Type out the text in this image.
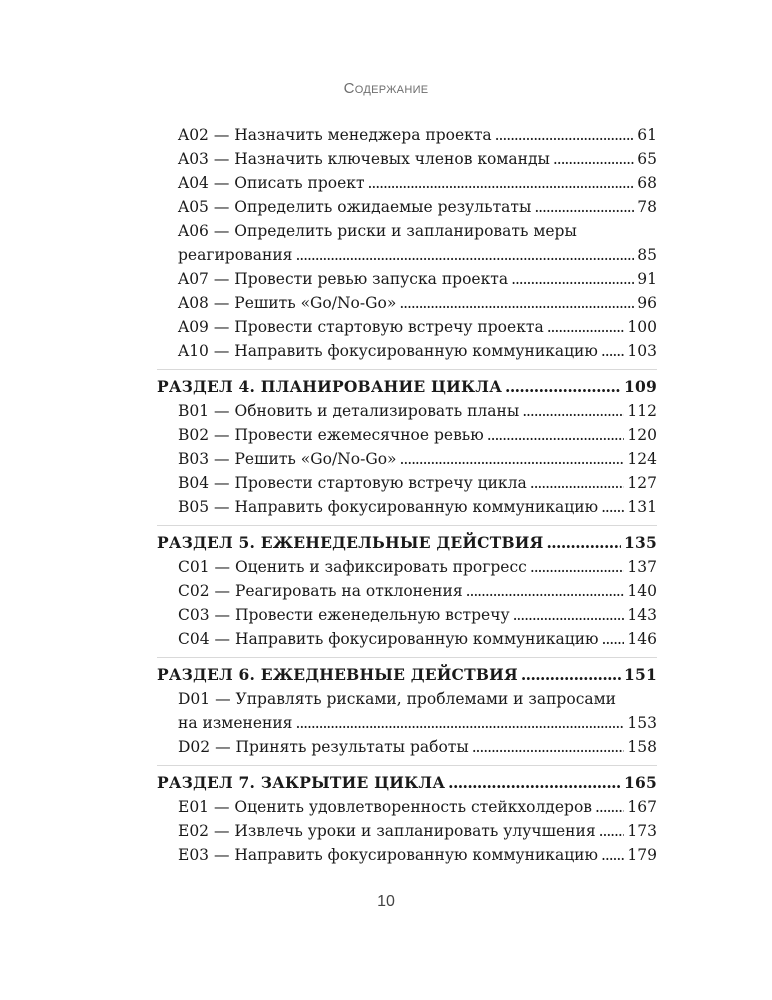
Содержание
A02 — Назначить менеджера проекта . . .	61
A03 — Назначить ключевых членов команды . . .	65
A04 — Описать проект . . .	68
A05 — Определить ожидаемые результаты . . .	78
A06 — Определить риски и запланировать меры
реагирования . . .	85
A07 — Провести ревью запуска проекта . . .	91
A08 — Решить «Go/No-Go» . . .	96
A09 — Провести стартовую встречу проекта . . .	100
A10 — Направить фокусированную коммуникацию . . . 103
РАЗДЕЛ 4. ПЛАНИРОВАНИЕ ЦИКЛА . . .	109
B01 — Обновить и детализировать планы . . .	112
B02 — Провести ежемесячное ревью . . .	120
B03 — Решить «Go/No-Go» . . .	124
B04 — Провести стартовую встречу цикла . . .	127
B05 — Направить фокусированную коммуникацию . . . 131
РАЗДЕЛ 5. ЕЖЕНЕДЕЛЬНЫЕ ДЕЙСТВИЯ . . .	135
C01 — Оценить и зафиксировать прогресс . . .	137
C02 — Реагировать на отклонения . . .	140
C03 — Провести еженедельную встречу . . .	143
C04 — Направить фокусированную коммуникацию . . . 146
РАЗДЕЛ 6. ЕЖЕДНЕВНЫЕ ДЕЙСТВИЯ . . .	151
D01 — Управлять рисками, проблемами и запросами
на изменения . . .	153
D02 — Принять результаты работы . . .	158
РАЗДЕЛ 7. ЗАКРЫТИЕ ЦИКЛА . . .	165
E01 — Оценить удовлетворенность стейкхолдеров . . . 167
E02 — Извлечь уроки и запланировать улучшения . . . 173
E03 — Направить фокусированную коммуникацию . . . 179
10
